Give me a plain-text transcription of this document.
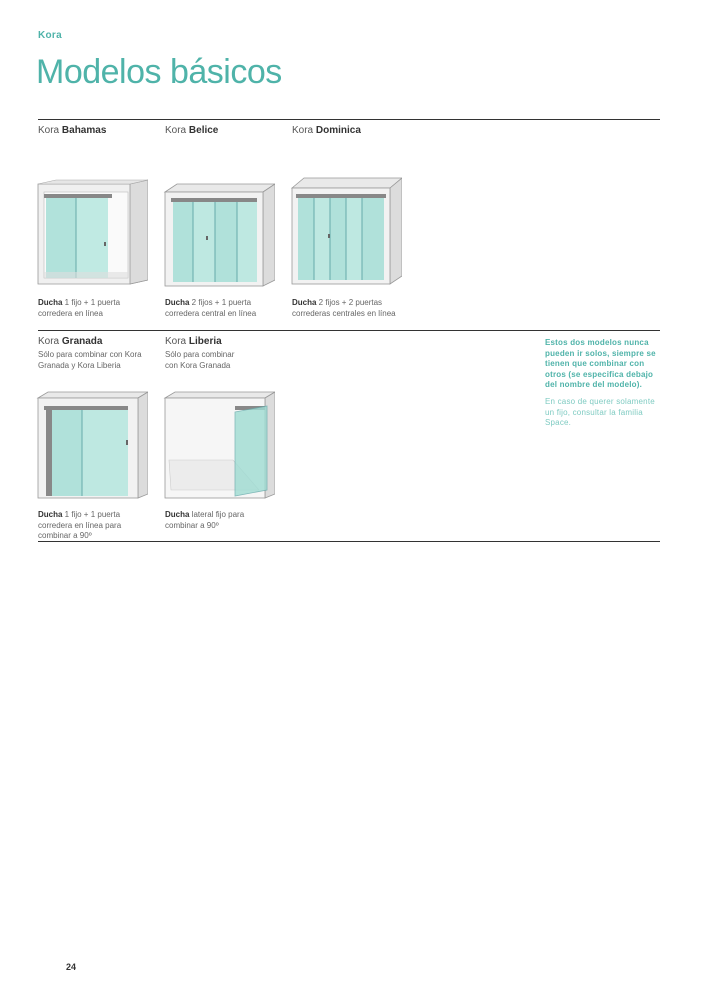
Kora
Modelos básicos
Kora Bahamas	Kora Belice	Kora Dominica
Ducha 1 fijo + 1 puerta corredera en línea
Ducha 2 fijos + 1 puerta corredera central en línea
Ducha 2 fijos + 2 puertas correderas centrales en línea
Kora Granada
Sólo para combinar con Kora Granada y Kora Liberia
Kora Liberia
Sólo para combinar con Kora Granada
Ducha 1 fijo + 1 puerta corredera en línea para combinar a 90º
Ducha lateral fijo para combinar a 90º
Estos dos modelos nunca pueden ir solos, siempre se tienen que combinar con otros (se especifica debajo del nombre del modelo).
En caso de querer solamente un fijo, consultar la familia Space.
24
